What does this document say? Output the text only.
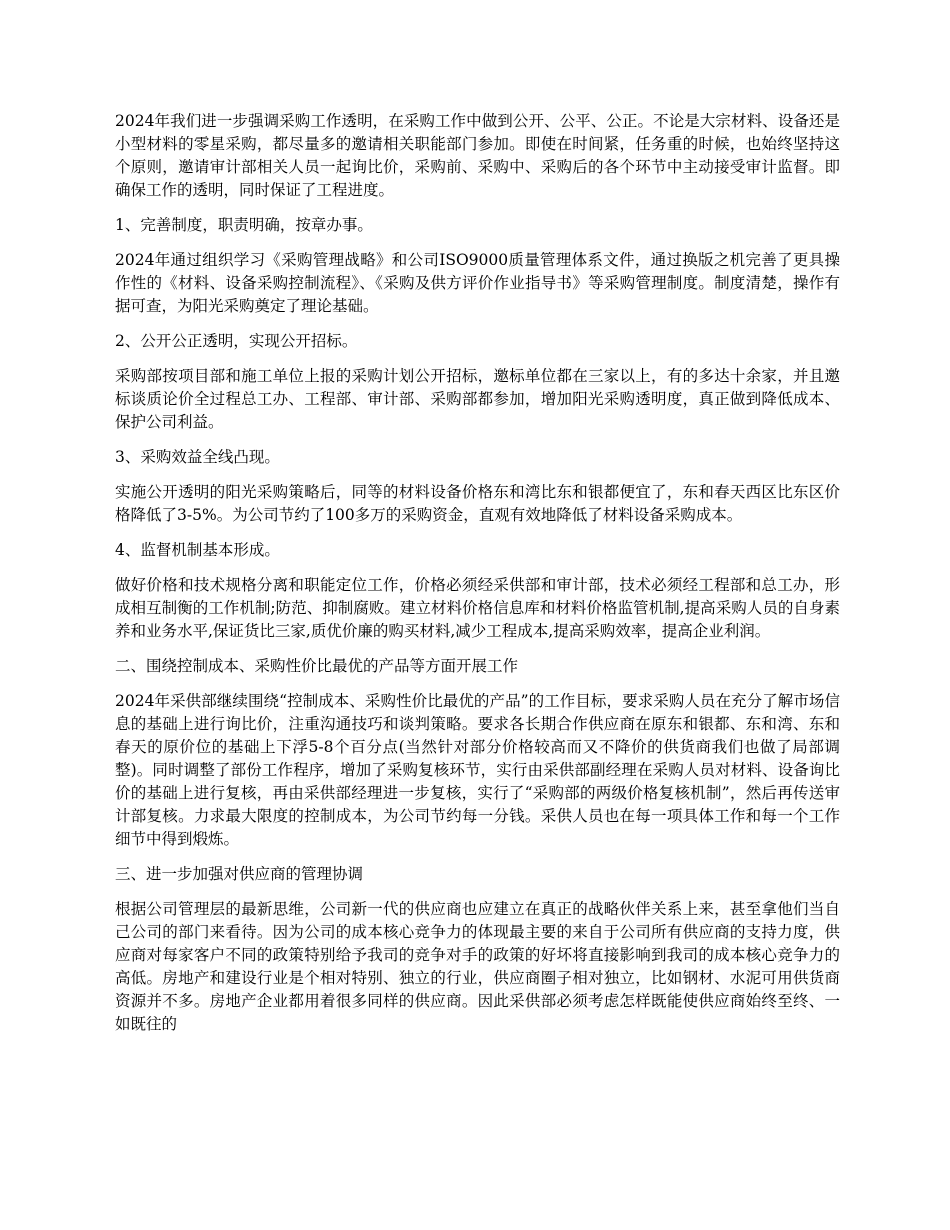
2024年我们进一步强调采购工作透明，在采购工作中做到公开、公平、公正。不论是大宗材料、设备还是小型材料的零星采购，都尽量多的邀请相关职能部门参加。即使在时间紧，任务重的时候，也始终坚持这个原则，邀请审计部相关人员一起询比价，采购前、采购中、采购后的各个环节中主动接受审计监督。即确保工作的透明，同时保证了工程进度。

1、完善制度，职责明确，按章办事。

2024年通过组织学习《采购管理战略》和公司ISO9000质量管理体系文件，通过换版之机完善了更具操作性的《材料、设备采购控制流程》、《采购及供方评价作业指导书》等采购管理制度。制度清楚，操作有据可查，为阳光采购奠定了理论基础。

2、公开公正透明，实现公开招标。

采购部按项目部和施工单位上报的采购计划公开招标，邀标单位都在三家以上，有的多达十余家，并且邀标谈质论价全过程总工办、工程部、审计部、采购部都参加，增加阳光采购透明度，真正做到降低成本、保护公司利益。

3、采购效益全线凸现。

实施公开透明的阳光采购策略后，同等的材料设备价格东和湾比东和银都便宜了，东和春天西区比东区价格降低了3-5%。为公司节约了100多万的采购资金，直观有效地降低了材料设备采购成本。

4、监督机制基本形成。

做好价格和技术规格分离和职能定位工作，价格必须经采供部和审计部，技术必须经工程部和总工办，形成相互制衡的工作机制;防范、抑制腐败。建立材料价格信息库和材料价格监管机制,提高采购人员的自身素养和业务水平,保证货比三家,质优价廉的购买材料,减少工程成本,提高采购效率，提高企业利润。

二、围绕控制成本、采购性价比最优的产品等方面开展工作

2024年采供部继续围绕“控制成本、采购性价比最优的产品”的工作目标，要求采购人员在充分了解市场信息的基础上进行询比价，注重沟通技巧和谈判策略。要求各长期合作供应商在原东和银都、东和湾、东和春天的原价位的基础上下浮5-8个百分点(当然针对部分价格较高而又不降价的供货商我们也做了局部调整)。同时调整了部份工作程序，增加了采购复核环节，实行由采供部副经理在采购人员对材料、设备询比价的基础上进行复核，再由采供部经理进一步复核，实行了“采购部的两级价格复核机制”，然后再传送审计部复核。力求最大限度的控制成本，为公司节约每一分钱。采供人员也在每一项具体工作和每一个工作细节中得到煅炼。

三、进一步加强对供应商的管理协调

根据公司管理层的最新思维，公司新一代的供应商也应建立在真正的战略伙伴关系上来，甚至拿他们当自己公司的部门来看待。因为公司的成本核心竞争力的体现最主要的来自于公司所有供应商的支持力度，供应商对每家客户不同的政策特别给予我司的竞争对手的政策的好坏将直接影响到我司的成本核心竞争力的高低。房地产和建设行业是个相对特别、独立的行业，供应商圈子相对独立，比如钢材、水泥可用供货商资源并不多。房地产企业都用着很多同样的供应商。因此采供部必须考虑怎样既能使供应商始终至终、一如既往的
